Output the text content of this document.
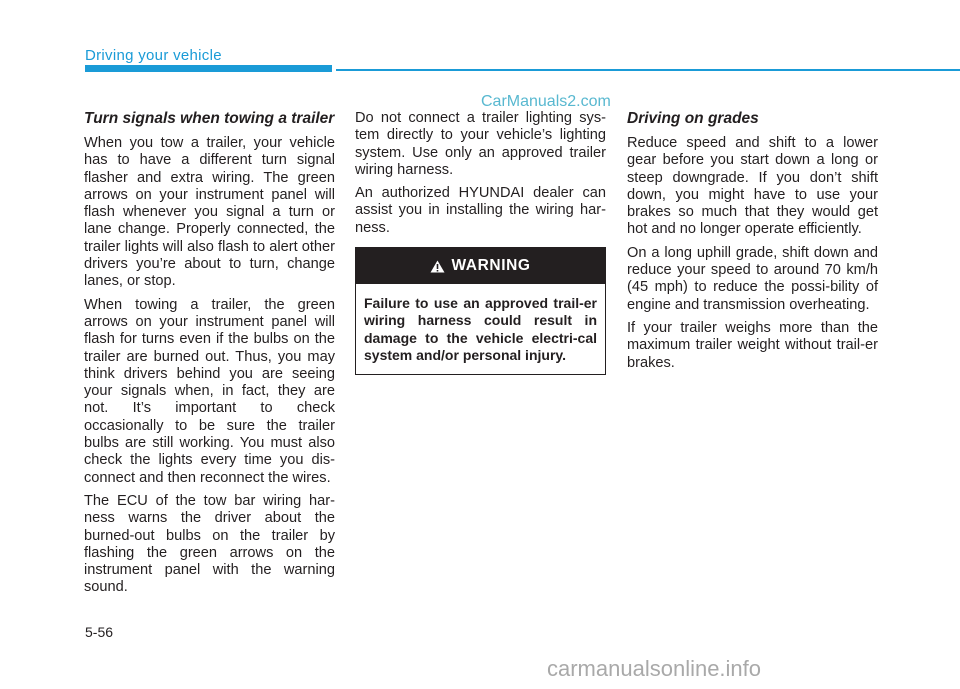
Driving your vehicle
CarManuals2.com
Turn signals when towing a trailer

When you tow a trailer, your vehicle has to have a different turn signal flasher and extra wiring. The green arrows on your instrument panel will flash whenever you signal a turn or lane change. Properly connected, the trailer lights will also flash to alert other drivers you’re about to turn, change lanes, or stop.

When towing a trailer, the green arrows on your instrument panel will flash for turns even if the bulbs on the trailer are burned out. Thus, you may think drivers behind you are seeing your signals when, in fact, they are not. It’s important to check occasionally to be sure the trailer bulbs are still working. You must also check the lights every time you dis-connect and then reconnect the wires.

The ECU of the tow bar wiring har-ness warns the driver about the burned-out bulbs on the trailer by flashing the green arrows on the instrument panel with the warning sound.

Do not connect a trailer lighting sys-tem directly to your vehicle’s lighting system. Use only an approved trailer wiring harness.

An authorized HYUNDAI dealer can assist you in installing the wiring har-ness.

WARNING
Failure to use an approved trail-er wiring harness could result in damage to the vehicle electri-cal system and/or personal injury.
Driving on grades

Reduce speed and shift to a lower gear before you start down a long or steep downgrade. If you don’t shift down, you might have to use your brakes so much that they would get hot and no longer operate efficiently.

On a long uphill grade, shift down and reduce your speed to around 70 km/h (45 mph) to reduce the possi-bility of engine and transmission overheating.

If your trailer weighs more than the maximum trailer weight without trail-er brakes.

5-56
carmanualsonline.info
